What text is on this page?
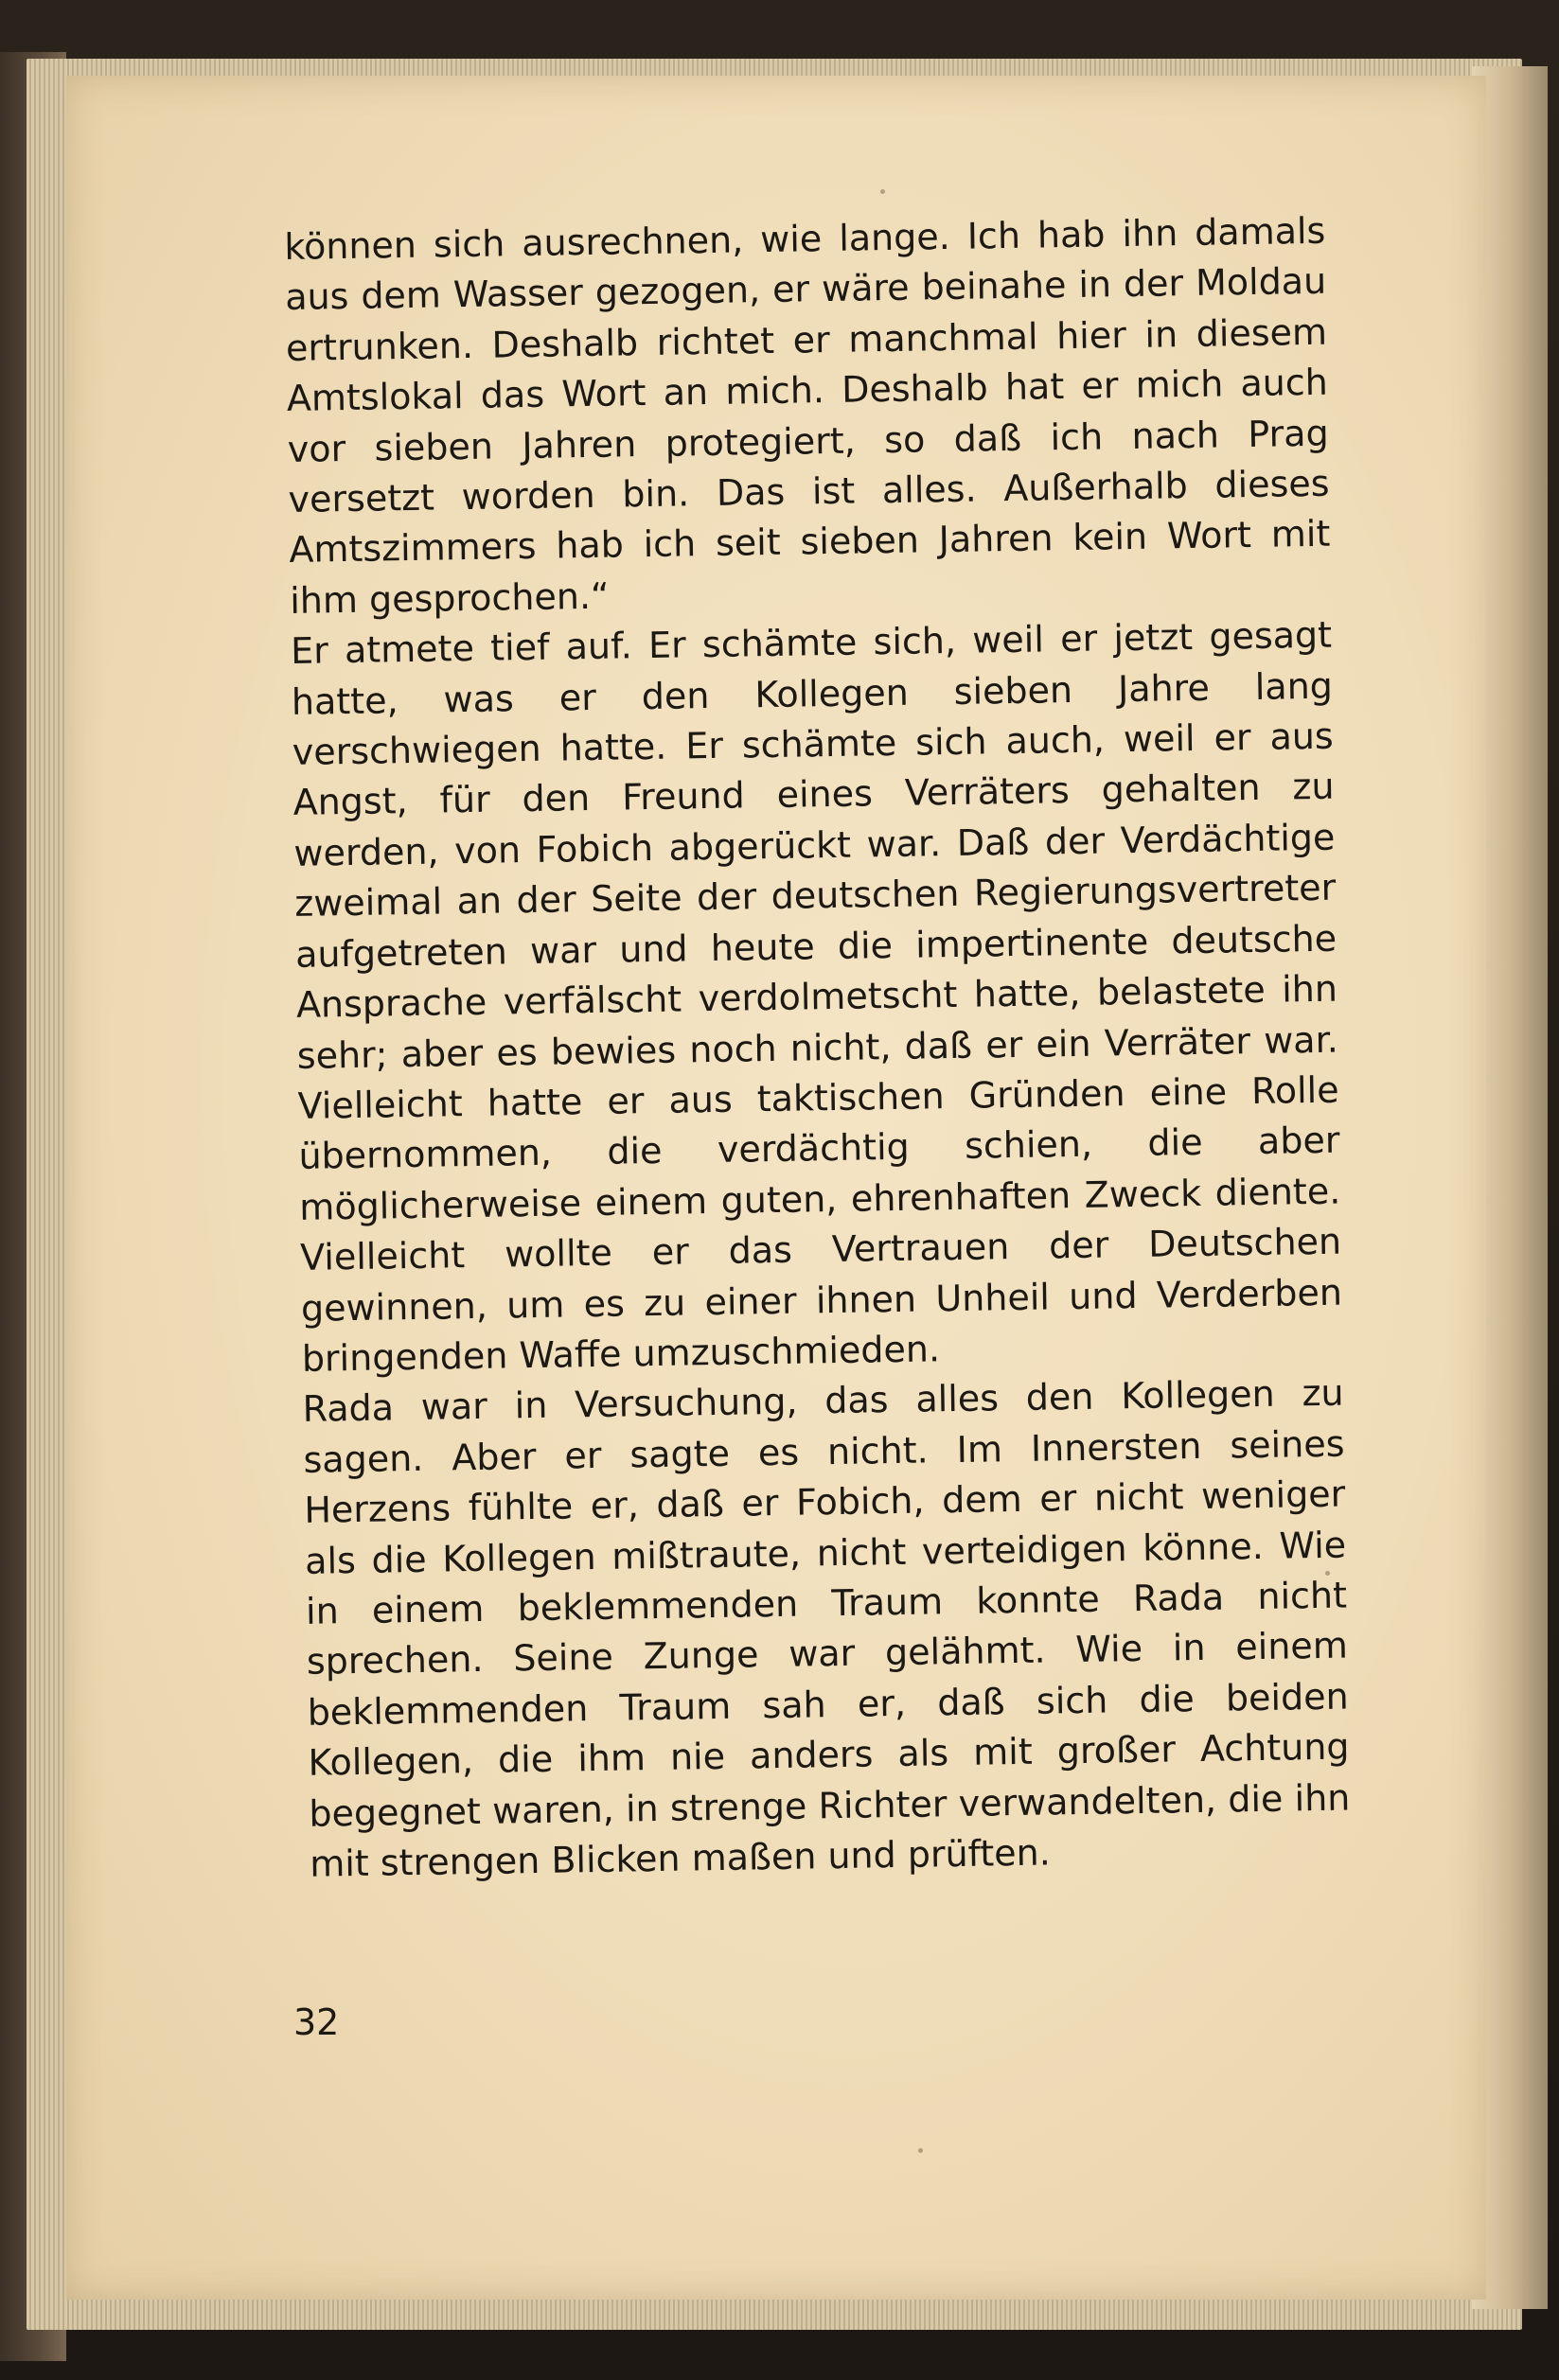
können sich ausrechnen, wie lange. Ich hab ihn damals aus dem Wasser gezogen, er wäre beinahe in der Moldau ertrunken. Deshalb richtet er manchmal hier in diesem Amtslokal das Wort an mich. Deshalb hat er mich auch vor sieben Jahren protegiert, so daß ich nach Prag versetzt worden bin. Das ist alles. Außerhalb dieses Amtszimmers hab ich seit sieben Jahren kein Wort mit ihm gesprochen.“

Er atmete tief auf. Er schämte sich, weil er jetzt gesagt hatte, was er den Kollegen sieben Jahre lang verschwiegen hatte. Er schämte sich auch, weil er aus Angst, für den Freund eines Verräters gehalten zu werden, von Fobich abgerückt war. Daß der Verdächtige zweimal an der Seite der deutschen Regierungsvertreter aufgetreten war und heute die impertinente deutsche Ansprache verfälscht verdolmetscht hatte, belastete ihn sehr; aber es bewies noch nicht, daß er ein Verräter war. Vielleicht hatte er aus taktischen Gründen eine Rolle übernommen, die verdächtig schien, die aber möglicherweise einem guten, ehrenhaften Zweck diente. Vielleicht wollte er das Vertrauen der Deutschen gewinnen, um es zu einer ihnen Unheil und Verderben bringenden Waffe umzuschmieden.

Rada war in Versuchung, das alles den Kollegen zu sagen. Aber er sagte es nicht. Im Innersten seines Herzens fühlte er, daß er Fobich, dem er nicht weniger als die Kollegen mißtraute, nicht verteidigen könne. Wie in einem beklemmenden Traum konnte Rada nicht sprechen. Seine Zunge war gelähmt. Wie in einem beklemmenden Traum sah er, daß sich die beiden Kollegen, die ihm nie anders als mit großer Achtung begegnet waren, in strenge Richter verwandelten, die ihn mit strengen Blicken maßen und prüften.

32
